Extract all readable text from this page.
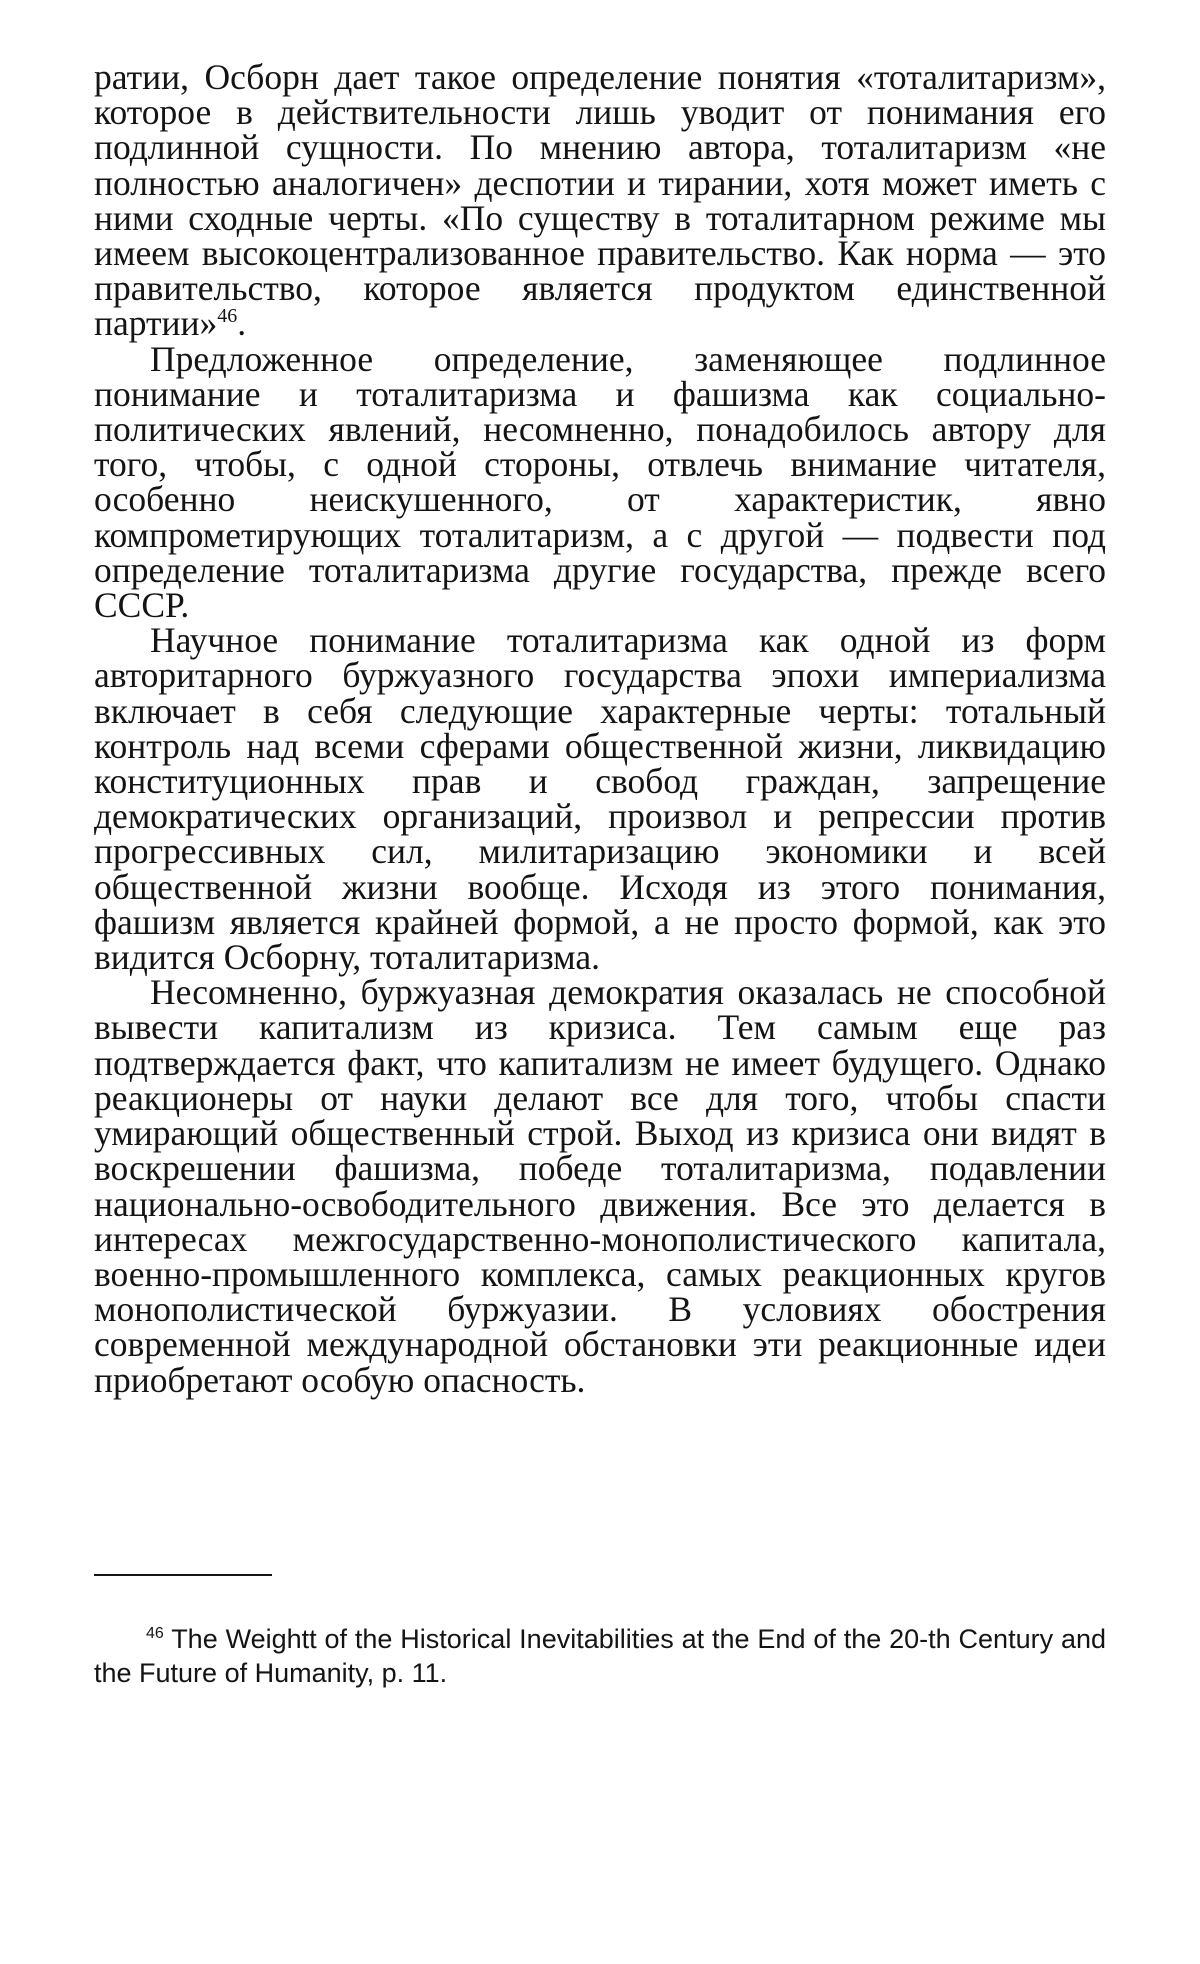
ратии, Осборн дает такое определение понятия «тоталитаризм», которое в действительности лишь уводит от понимания его подлинной сущности. По мнению автора, тоталитаризм «не полностью аналогичен» деспотии и тирании, хотя может иметь с ними сходные черты. «По существу в тоталитарном режиме мы имеем высокоцентрализованное правительство. Как норма — это правительство, которое является продуктом единственной партии»$^{46}$.

Предложенное определение, заменяющее подлинное понимание и тоталитаризма и фашизма как социально-политических явлений, несомненно, понадобилось автору для того, чтобы, с одной стороны, отвлечь внимание читателя, особенно неискушенного, от характеристик, явно компрометирующих тоталитаризм, а с другой — подвести под определение тоталитаризма другие государства, прежде всего СССР.

Научное понимание тоталитаризма как одной из форм авторитарного буржуазного государства эпохи империализма включает в себя следующие характерные черты: тотальный контроль над всеми сферами общественной жизни, ликвидацию конституционных прав и свобод граждан, запрещение демократических организаций, произвол и репрессии против прогрессивных сил, милитаризацию экономики и всей общественной жизни вообще. Исходя из этого понимания, фашизм является крайней формой, а не просто формой, как это видится Осборну, тоталитаризма.

Несомненно, буржуазная демократия оказалась не способной вывести капитализм из кризиса. Тем самым еще раз подтверждается факт, что капитализм не имеет будущего. Однако реакционеры от науки делают все для того, чтобы спасти умирающий общественный строй. Выход из кризиса они видят в воскрешении фашизма, победе тоталитаризма, подавлении национально-освободительного движения. Все это делается в интересах межгосударственно-монополистического капитала, военно-промышленного комплекса, самых реакционных кругов монополистической буржуазии. В условиях обострения современной международной обстановки эти реакционные идеи приобретают особую опасность.

$^{46}$ The Weightt of the Historical Inevitabilities at the End of the 20-th Century and the Future of Humanity, p. 11.
